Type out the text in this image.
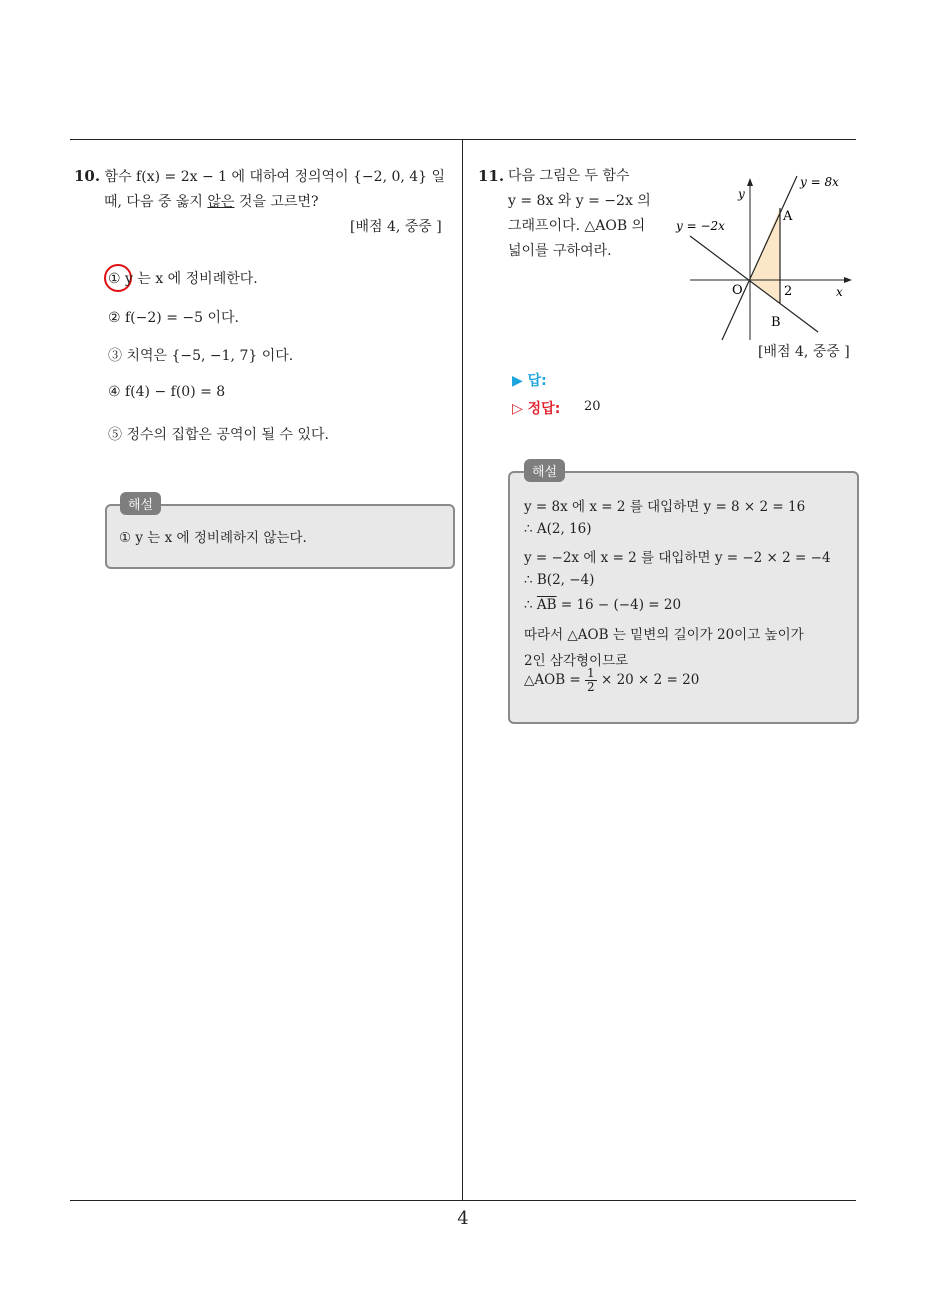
10. 함수 f(x) = 2x − 1 에 대하여 정의역이 {−2, 0, 4} 일
때, 다음 중 옳지 않은 것을 고르면?
[배점 4, 중중 ]
① y 는 x 에 정비례한다.
② f(−2) = −5 이다.
③ 치역은 {−5, −1, 7} 이다.
④ f(4) − f(0) = 8
⑤ 정수의 집합은 공역이 될 수 있다.
① y 는 x 에 정비례하지 않는다.
해설
11. 다음 그림은 두 함수
y = 8x 와 y = −2x 의
그래프이다. △AOB 의
넓이를 구하여라.
y = 8x
y = −2x
y
x
O
A
B
2
[배점 4, 중중 ]
▶ 답:
▷ 정답: 20
y = 8x 에 x = 2 를 대입하면 y = 8 × 2 = 16
∴ A(2, 16)
y = −2x 에 x = 2 를 대입하면 y = −2 × 2 = −4
∴ B(2, −4)
∴ $\overline{AB} = 16 - (-4) = 20$
따라서 △AOB 는 밑변의 길이가 20이고 높이가
2인 삼각형이므로
△AOB = $\frac{1}{2} \times 20 \times 2 = 20$
해설
4
